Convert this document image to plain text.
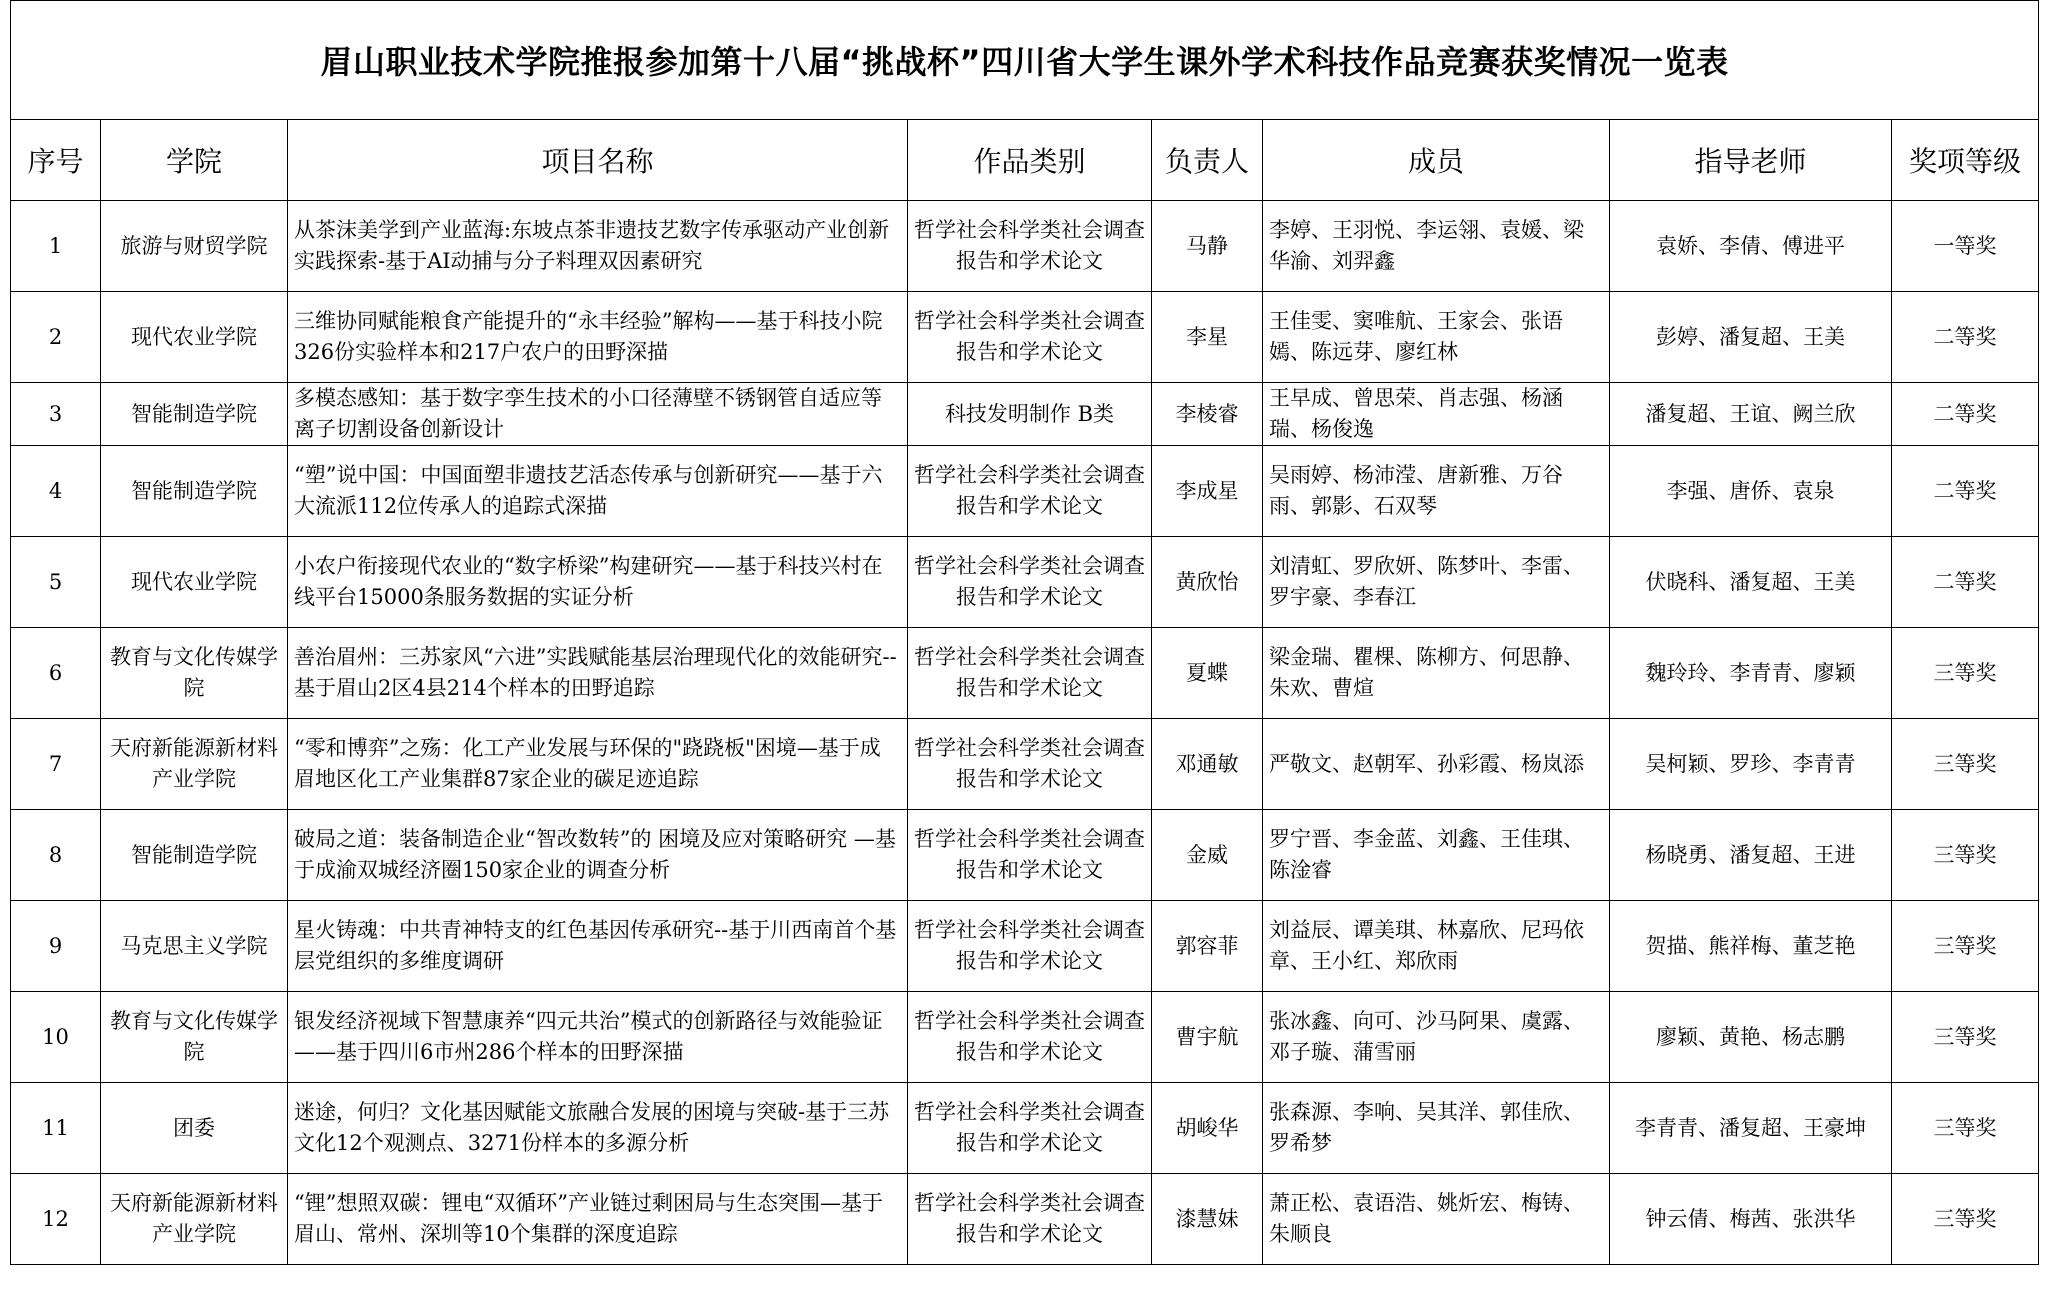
眉山职业技术学院推报参加第十八届“挑战杯”四川省大学生课外学术科技作品竞赛获奖情况一览表							
序号	学院	项目名称	作品类别	负责人	成员	指导老师	奖项等级
1	旅游与财贸学院	从茶沫美学到产业蓝海:东坡点茶非遗技艺数字传承驱动产业创新实践探索-基于AI动捕与分子料理双因素研究	哲学社会科学类社会调查报告和学术论文	马静	李婷、王羽悦、李运翎、袁媛、梁华渝、刘羿鑫	袁娇、李倩、傅进平	一等奖
2	现代农业学院	三维协同赋能粮食产能提升的“永丰经验”解构——基于科技小院326份实验样本和217户农户的田野深描	哲学社会科学类社会调查报告和学术论文	李星	王佳雯、窦唯航、王家会、张语嫣、陈远芽、廖红林	彭婷、潘复超、王美	二等奖
3	智能制造学院	多模态感知：基于数字孪生技术的小口径薄壁不锈钢管自适应等离子切割设备创新设计	科技发明制作 B类	李棱睿	王早成、曾思荣、肖志强、杨涵瑞、杨俊逸	潘复超、王谊、阙兰欣	二等奖
4	智能制造学院	“塑”说中国：中国面塑非遗技艺活态传承与创新研究——基于六大流派112位传承人的追踪式深描	哲学社会科学类社会调查报告和学术论文	李成星	吴雨婷、杨沛滢、唐新雅、万谷雨、郭影、石双琴	李强、唐侨、袁泉	二等奖
5	现代农业学院	小农户衔接现代农业的“数字桥梁”构建研究——基于科技兴村在线平台15000条服务数据的实证分析	哲学社会科学类社会调查报告和学术论文	黄欣怡	刘清虹、罗欣妍、陈梦叶、李雷、罗宇豪、李春江	伏晓科、潘复超、王美	二等奖
6	教育与文化传媒学院	善治眉州：三苏家风“六进”实践赋能基层治理现代化的效能研究--基于眉山2区4县214个样本的田野追踪	哲学社会科学类社会调查报告和学术论文	夏蝶	梁金瑞、瞿棵、陈柳方、何思静、朱欢、曹煊	魏玲玲、李青青、廖颖	三等奖
7	天府新能源新材料产业学院	“零和博弈”之殇：化工产业发展与环保的"跷跷板"困境—基于成眉地区化工产业集群87家企业的碳足迹追踪	哲学社会科学类社会调查报告和学术论文	邓通敏	严敬文、赵朝军、孙彩霞、杨岚添	吴柯颖、罗珍、李青青	三等奖
8	智能制造学院	破局之道：装备制造企业“智改数转”的 困境及应对策略研究 —基于成渝双城经济圈150家企业的调查分析	哲学社会科学类社会调查报告和学术论文	金威	罗宁晋、李金蓝、刘鑫、王佳琪、陈淦睿	杨晓勇、潘复超、王进	三等奖
9	马克思主义学院	星火铸魂：中共青神特支的红色基因传承研究--基于川西南首个基层党组织的多维度调研	哲学社会科学类社会调查报告和学术论文	郭容菲	刘益辰、谭美琪、林嘉欣、尼玛依章、王小红、郑欣雨	贺描、熊祥梅、董芝艳	三等奖
10	教育与文化传媒学院	银发经济视域下智慧康养“四元共治”模式的创新路径与效能验证——基于四川6市州286个样本的田野深描	哲学社会科学类社会调查报告和学术论文	曹宇航	张冰鑫、向可、沙马阿果、虞露、邓子璇、蒲雪丽	廖颖、黄艳、杨志鹏	三等奖
11	团委	迷途，何归？文化基因赋能文旅融合发展的困境与突破-基于三苏文化12个观测点、3271份样本的多源分析	哲学社会科学类社会调查报告和学术论文	胡峻华	张森源、李响、吴其洋、郭佳欣、罗希梦	李青青、潘复超、王豪坤	三等奖
12	天府新能源新材料产业学院	“锂”想照双碳：锂电“双循环”产业链过剩困局与生态突围—基于眉山、常州、深圳等10个集群的深度追踪	哲学社会科学类社会调查报告和学术论文	漆慧妹	萧正松、袁语浩、姚炘宏、梅铸、朱顺良	钟云倩、梅茜、张洪华	三等奖
